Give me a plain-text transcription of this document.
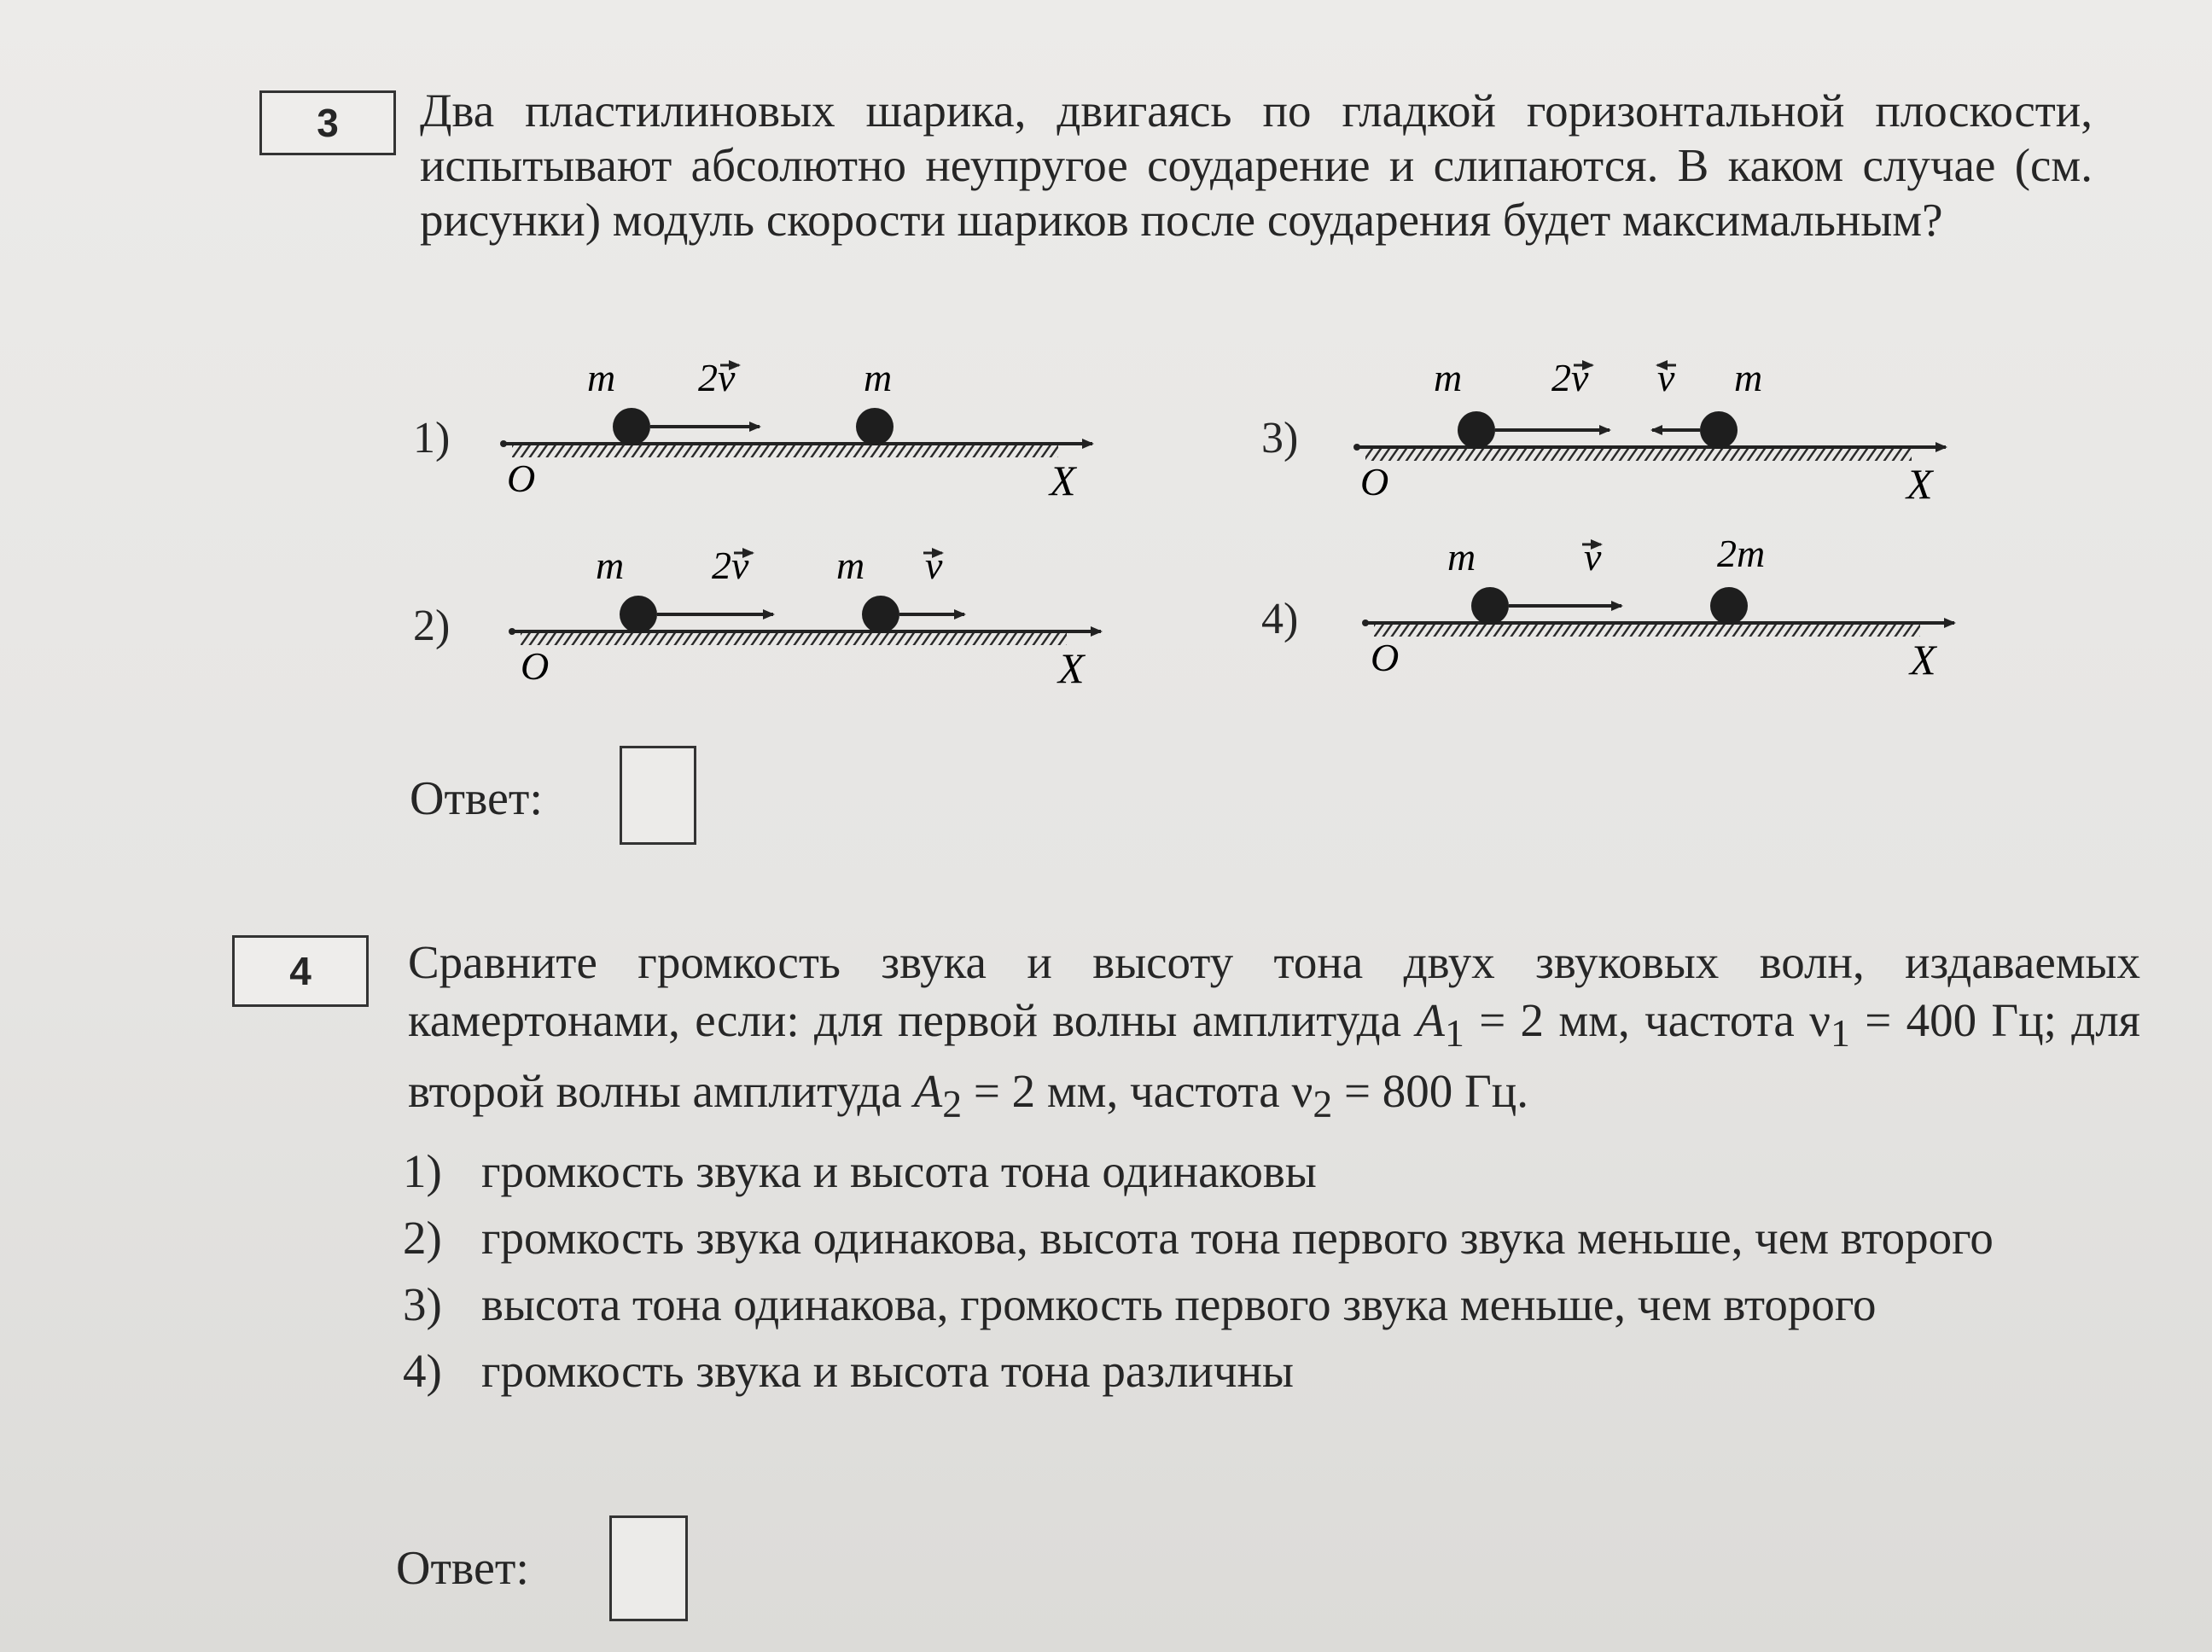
3 Два пластилиновых шарика, двигаясь по гладкой горизонтальной плоскости, испытывают абсолютно неупругое соударение и слипаются. В каком случае (см. рисунки) модуль скорости шариков после соударения будет максимальным?

1)
O	X
m 2v	m
2)
O	X
m 2v m v
3)
O	X
m 2v v m
4)
O	X
m	v	2m
Ответ:
4 Сравните громкость звука и высоту тона двух звуковых волн, издаваемых камертонами, если: для первой волны амплитуда $A_1 = 2$ мм, частота $\nu_1 = 400$ Гц; для второй волны амплитуда $A_2 = 2$ мм, частота $\nu_2 = 800$ Гц.

1) громкость звука и высота тона одинаковы
2) громкость звука одинакова, высота тона первого звука меньше, чем второго
3) высота тона одинакова, громкость первого звука меньше, чем второго
4) громкость звука и высота тона различны
Ответ:
